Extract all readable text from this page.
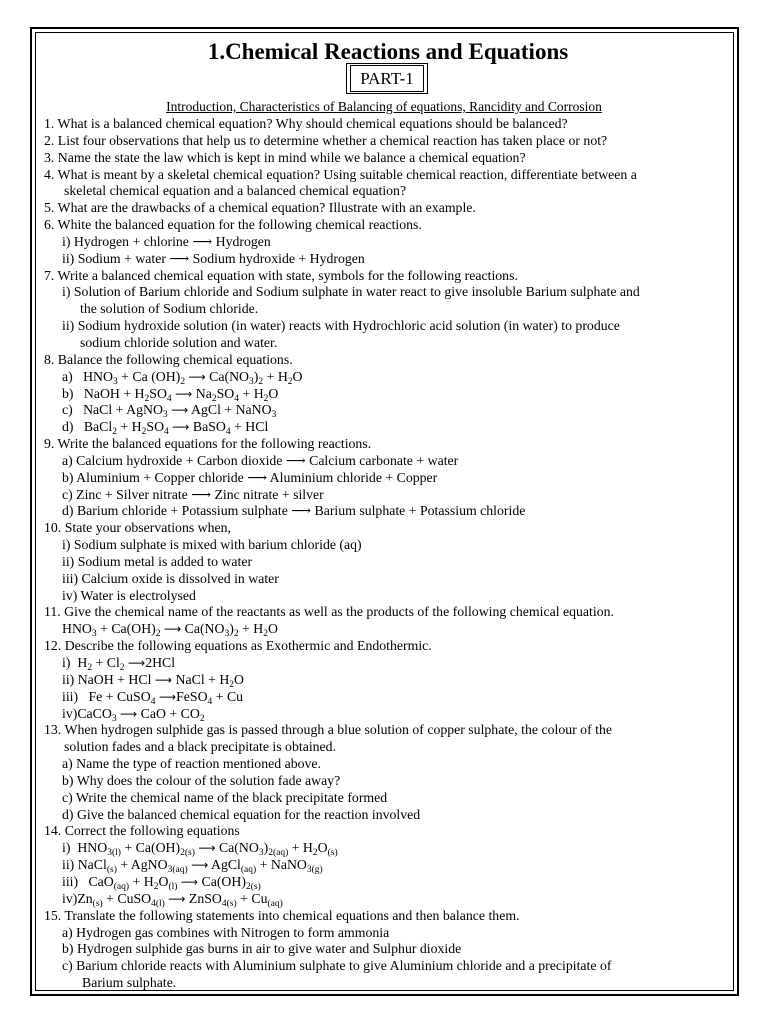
1.Chemical Reactions and Equations
PART-1
Introduction, Characteristics of Balancing of equations, Rancidity and Corrosion
1. What is a balanced chemical equation? Why should chemical equations should be balanced?
2. List four observations that help us to determine whether a chemical reaction has taken place or not?
3. Name the state the law which is kept in mind while we balance a chemical equation?
4. What is meant by a skeletal chemical equation? Using suitable chemical reaction, differentiate between a
skeletal chemical equation and a balanced chemical equation?
5. What are the drawbacks of a chemical equation? Illustrate with an example.
6. White the balanced equation for the following chemical reactions.
i) Hydrogen + chlorine ⟶ Hydrogen
ii) Sodium + water ⟶ Sodium hydroxide + Hydrogen
7. Write a balanced chemical equation with state, symbols for the following reactions.
i) Solution of Barium chloride and Sodium sulphate in water react to give insoluble Barium sulphate and
the solution of Sodium chloride.
ii) Sodium hydroxide solution (in water) reacts with Hydrochloric acid solution (in water) to produce
sodium chloride solution and water.
8. Balance the following chemical equations.
a) $HNO_3 + Ca$ $(OH)_2$ ⟶ $Ca(NO_3)_2 + H_2O$
b) NaOH + $H_2SO_4$ ⟶ $Na_2SO_4 + H_2O$
c) NaCl + AgNO$_3$ ⟶ AgCl + NaNO$_3$
d) BaCl$_2$ + $H_2SO_4$ ⟶ BaSO$_4$ + HCl
9. Write the balanced equations for the following reactions.
a) Calcium hydroxide + Carbon dioxide ⟶ Calcium carbonate + water
b) Aluminium + Copper chloride ⟶ Aluminium chloride + Copper
c) Zinc + Silver nitrate ⟶ Zinc nitrate + silver
d) Barium chloride + Potassium sulphate ⟶ Barium sulphate + Potassium chloride
10. State your observations when,
i) Sodium sulphate is mixed with barium chloride (aq)
ii) Sodium metal is added to water
iii) Calcium oxide is dissolved in water
iv) Water is electrolysed
11. Give the chemical name of the reactants as well as the products of the following chemical equation.
$HNO_3 + Ca(OH)_2$ ⟶ $Ca(NO_3)_2 + H_2O$
12. Describe the following equations as Exothermic and Endothermic.
i) $H_2 + Cl_2$ ⟶2HCl
ii) NaOH + HCl ⟶ NaCl + $H_2O$
iii) Fe + CuSO$_4$ ⟶FeSO$_4$ + Cu
iv)CaCO$_3$ ⟶ CaO + $CO_2$
13. When hydrogen sulphide gas is passed through a blue solution of copper sulphate, the colour of the
solution fades and a black precipitate is obtained.
a) Name the type of reaction mentioned above.
b) Why does the colour of the solution fade away?
c) Write the chemical name of the black precipitate formed
d) Give the balanced chemical equation for the reaction involved
14. Correct the following equations
i) $HNO_{3(l)} + Ca(OH)_{2(s)}$ ⟶ $Ca(NO_3)_{2(aq)} + H_2O_{(s)}$
ii) NaCl$_{(s)}$ + AgNO$_{3(aq)}$ ⟶ AgCl$_{(aq)}$ + NaNO$_{3(g)}$
iii) $CaO_{(aq)} + H_2O_{(l)}$ ⟶ $Ca(OH)_{2(s)}$
$iv)Zn_{(s)}$ + CuSO$_{4(l)}$ ⟶ ZnSO$_{4(s)}$ + $Cu_{(aq)}$
15. Translate the following statements into chemical equations and then balance them.
a) Hydrogen gas combines with Nitrogen to form ammonia
b) Hydrogen sulphide gas burns in air to give water and Sulphur dioxide
c) Barium chloride reacts with Aluminium sulphate to give Aluminium chloride and a precipitate of
Barium sulphate.
